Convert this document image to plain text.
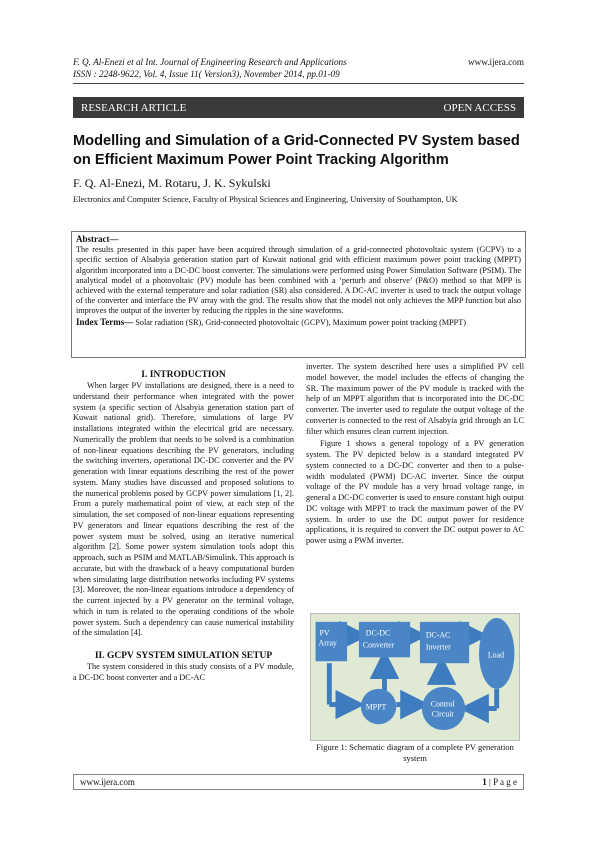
F. Q. Al-Enezi et al Int. Journal of Engineering Research and Applications
ISSN : 2248-9622, Vol. 4, Issue 11( Version3), November 2014, pp.01-09
www.ijera.com
RESEARCH ARTICLE	OPEN ACCESS
Modelling and Simulation of a Grid-Connected PV System based on Efficient Maximum Power Point Tracking Algorithm
F. Q. Al-Enezi, M. Rotaru, J. K. Sykulski
Electronics and Computer Science, Faculty of Physical Sciences and Engineering, University of Southampton, UK
Abstract—
The results presented in this paper have been acquired through simulation of a grid-connected photovoltaic system (GCPV) to a specific section of Alsabyia generation station part of Kuwait national grid with efficient maximum power point tracking (MPPT) algorithm incorporated into a DC-DC boost converter. The simulations were performed using Power Simulation Software (PSIM). The analytical model of a photovoltaic (PV) module has been combined with a ‘perturb and observe’ (P&O) method so that MPP is achieved with the external temperature and solar radiation (SR) also considered. A DC-AC inverter is used to track the output voltage of the converter and interface the PV array with the grid. The results show that the model not only achieves the MPP function but also improves the output of the inverter by reducing the ripples in the sine waveforms.
Index Terms— Solar radiation (SR), Grid-connected photovoltaic (GCPV), Maximum power point tracking (MPPT)
I. INTRODUCTION

When larger PV installations are designed, there is a need to understand their performance when integrated with the power system (a specific section of Alsabyia generation station part of Kuwait national grid). Therefore, simulations of large PV installations integrated within the electrical grid are necessary. Numerically the problem that needs to be solved is a combination of non-linear equations describing the PV generators, including the switching inverters, operational DC-DC converter and the PV generation with linear equations describing the rest of the power system. Many studies have discussed and proposed solutions to the numerical problems posed by GCPV power simulations [1, 2]. From a purely mathematical point of view, at each step of the simulation, the set composed of non-linear equations representing PV generators and linear equations describing the rest of the power system must be solved, using an iterative numerical algorithm [2]. Some power system simulation tools adopt this approach, such as PSIM and MATLAB/Simulink. This approach is accurate, but with the drawback of a heavy computational burden when simulating large distribution networks including PV systems [3]. Moreover, the non-linear equations introduce a dependency of the current injected by a PV generator on the terminal voltage, which in turn is related to the operating conditions of the whole power system. Such a dependency can cause numerical instability of the simulation [4].

II. GCPV SYSTEM SIMULATION SETUP

The system considered in this study consists of a PV module, a DC-DC boost converter and a DC-AC

inverter. The system described here uses a simplified PV cell model however, the model includes the effects of changing the SR. The maximum power of the PV module is tracked with the help of an MPPT algorithm that is incorporated into the DC-DC converter. The inverter used to regulate the output voltage of the converter is connected to the rest of Alsabyia grid through an LC filter which ensures clean current injection.

Figure 1 shows a general topology of a PV generation system. The PV depicted below is a standard integrated PV system connected to a DC-DC converter and then to a pulse-width modulated (PWM) DC-AC inverter. Since the output voltage of the PV module has a very broad voltage range, in general a DC-DC converter is used to ensure constant high output DC voltage with MPPT to track the maximum power of the PV system. In order to use the DC output power for residence applications, it is required to convert the DC output power to AC power using a PWM inverter.

PV
Array
DC-DC
Converter
DC-AC
Inverter
Load
MPPT	Control
Circuit
Figure 1: Schematic diagram of a complete PV generation system
www.ijera.com	1 | P a g e
